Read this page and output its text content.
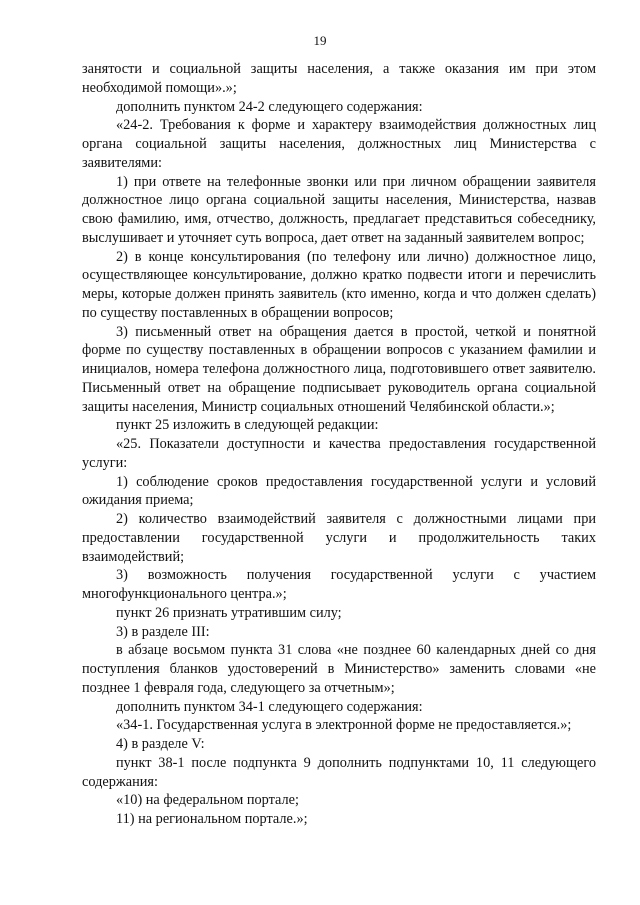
19

занятости и социальной защиты населения, а также оказания им при этом необходимой помощи».»;

дополнить пунктом 24-2 следующего содержания:

«24-2. Требования к форме и характеру взаимодействия должностных лиц органа социальной защиты населения, должностных лиц Министерства с заявителями:

1) при ответе на телефонные звонки или при личном обращении заявителя должностное лицо органа социальной защиты населения, Министерства, назвав свою фамилию, имя, отчество, должность, предлагает представиться собеседнику, выслушивает и уточняет суть вопроса, дает ответ на заданный заявителем вопрос;

2) в конце консультирования (по телефону или лично) должностное лицо, осуществляющее консультирование, должно кратко подвести итоги и перечислить меры, которые должен принять заявитель (кто именно, когда и что должен сделать) по существу поставленных в обращении вопросов;

3) письменный ответ на обращения дается в простой, четкой и понятной форме по существу поставленных в обращении вопросов с указанием фамилии и инициалов, номера телефона должностного лица, подготовившего ответ заявителю. Письменный ответ на обращение подписывает руководитель органа социальной защиты населения, Министр социальных отношений Челябинской области.»;

пункт 25 изложить в следующей редакции:

«25. Показатели доступности и качества предоставления государственной услуги:

1) соблюдение сроков предоставления государственной услуги и условий ожидания приема;

2) количество взаимодействий заявителя с должностными лицами при предоставлении государственной услуги и продолжительность таких взаимодействий;

3) возможность получения государственной услуги с участием многофункционального центра.»;

пункт 26 признать утратившим силу;

3) в разделе III:

в абзаце восьмом пункта 31 слова «не позднее 60 календарных дней со дня поступления бланков удостоверений в Министерство» заменить словами «не позднее 1 февраля года, следующего за отчетным»;

дополнить пунктом 34-1 следующего содержания:

«34-1. Государственная услуга в электронной форме не предоставляется.»;

4) в разделе V:

пункт 38-1 после подпункта 9 дополнить подпунктами 10, 11 следующего содержания:

«10) на федеральном портале;

11) на региональном портале.»;
